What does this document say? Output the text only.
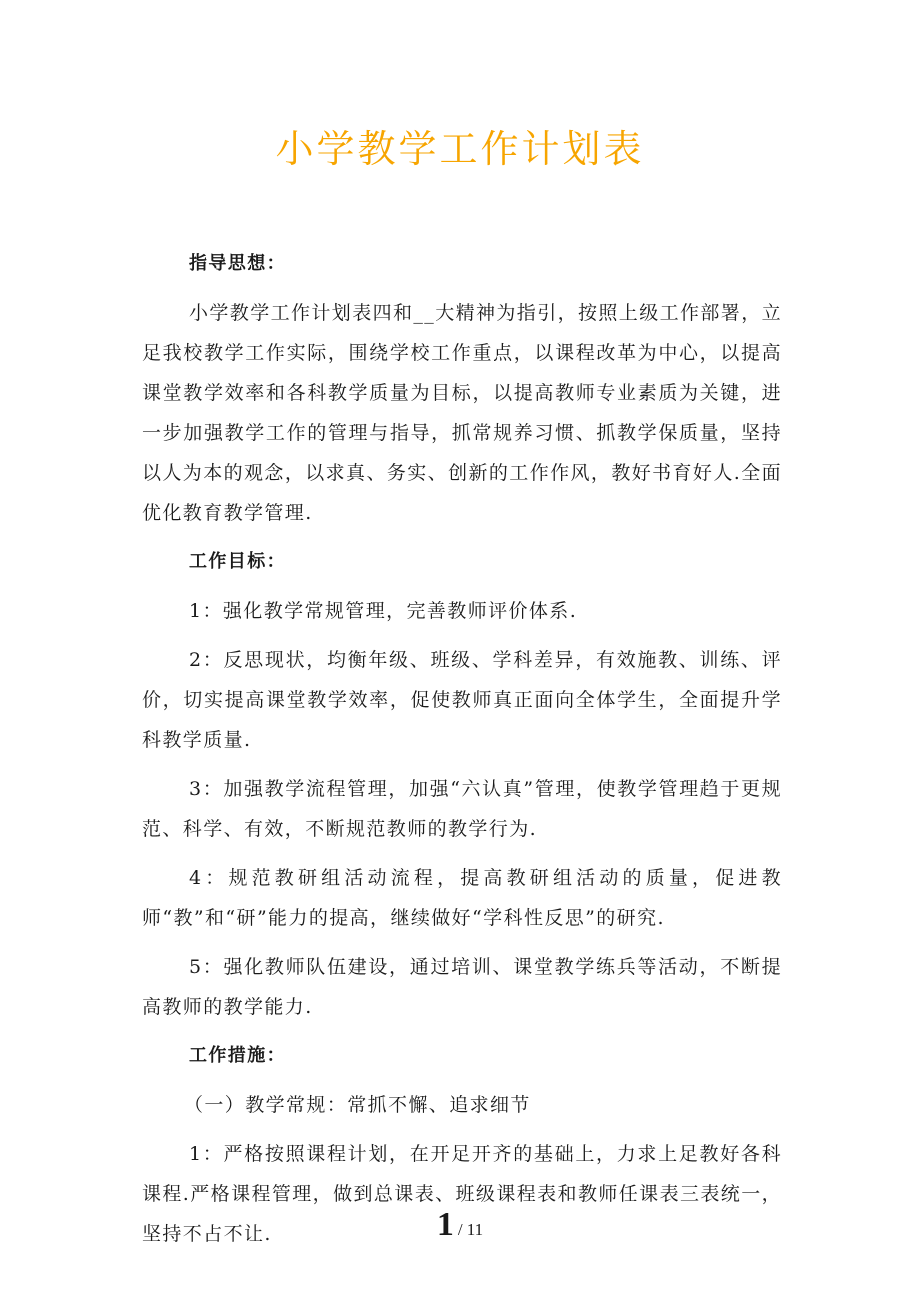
小学教学工作计划表

指导思想：

小学教学工作计划表四和__大精神为指引，按照上级工作部署，立足我校教学工作实际，围绕学校工作重点，以课程改革为中心，以提高课堂教学效率和各科教学质量为目标，以提高教师专业素质为关键，进一步加强教学工作的管理与指导，抓常规养习惯、抓教学保质量，坚持以人为本的观念，以求真、务实、创新的工作作风，教好书育好人.全面优化教育教学管理.

工作目标：

1：强化教学常规管理，完善教师评价体系.

2：反思现状，均衡年级、班级、学科差异，有效施教、训练、评价，切实提高课堂教学效率，促使教师真正面向全体学生，全面提升学科教学质量.

3：加强教学流程管理，加强“六认真”管理，使教学管理趋于更规范、科学、有效，不断规范教师的教学行为.

4：规范教研组活动流程，提高教研组活动的质量，促进教师“教”和“研”能力的提高，继续做好“学科性反思”的研究.

5：强化教师队伍建设，通过培训、课堂教学练兵等活动，不断提高教师的教学能力.

工作措施：

（一）教学常规：常抓不懈、追求细节

1：严格按照课程计划，在开足开齐的基础上，力求上足教好各科课程.严格课程管理，做到总课表、班级课程表和教师任课表三表统一，坚持不占不让.	1 / 11
